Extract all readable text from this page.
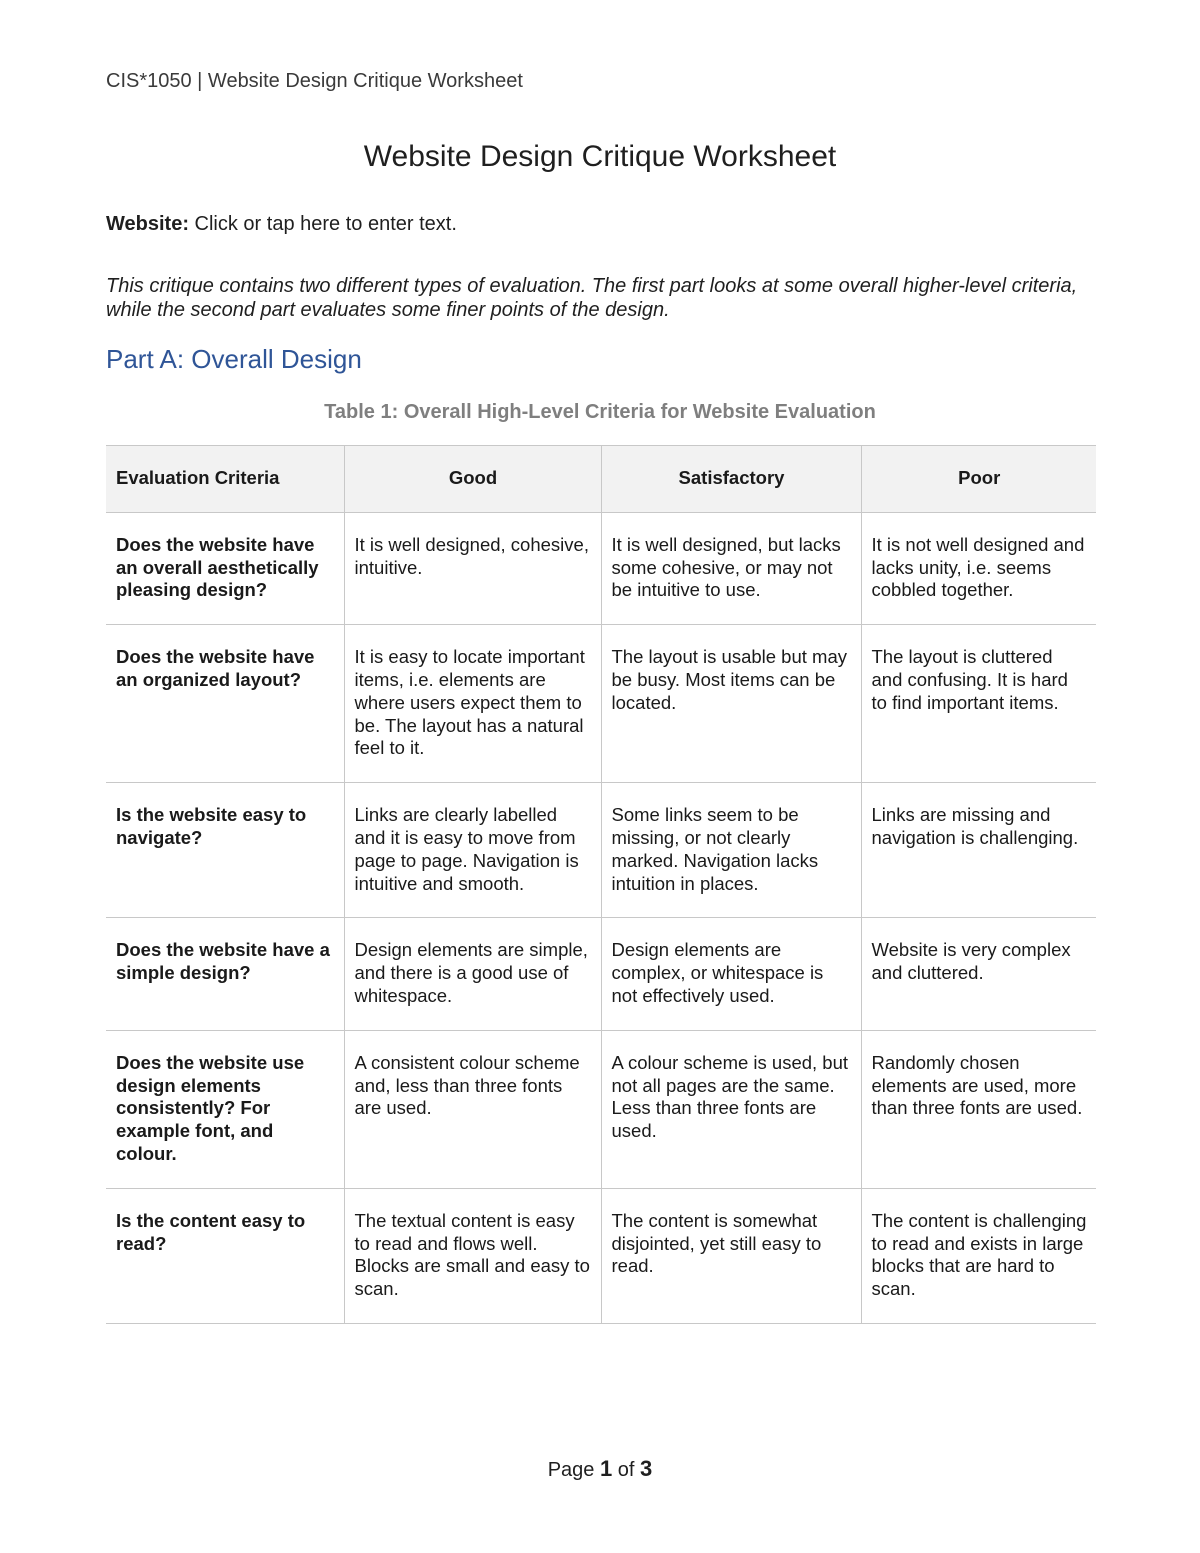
CIS*1050 | Website Design Critique Worksheet
Website Design Critique Worksheet
Website: Click or tap here to enter text.
This critique contains two different types of evaluation. The first part looks at some overall higher-level criteria, while the second part evaluates some finer points of the design.
Part A: Overall Design
Table 1: Overall High-Level Criteria for Website Evaluation
Evaluation Criteria	Good	Satisfactory	Poor
Does the website have an overall aesthetically pleasing design?	It is well designed, cohesive, intuitive.	It is well designed, but lacks some cohesive, or may not be intuitive to use.	It is not well designed and lacks unity, i.e. seems cobbled together.
Does the website have an organized layout?	It is easy to locate important items, i.e. elements are where users expect them to be. The layout has a natural feel to it.	The layout is usable but may be busy. Most items can be located.	The layout is cluttered and confusing. It is hard to find important items.
Is the website easy to navigate?	Links are clearly labelled and it is easy to move from page to page. Navigation is intuitive and smooth.	Some links seem to be missing, or not clearly marked. Navigation lacks intuition in places.	Links are missing and navigation is challenging.
Does the website have a simple design?	Design elements are simple, and there is a good use of whitespace.	Design elements are complex, or whitespace is not effectively used.	Website is very complex and cluttered.
Does the website use design elements consistently? For example font, and colour.	A consistent colour scheme and, less than three fonts are used.	A colour scheme is used, but not all pages are the same. Less than three fonts are used.	Randomly chosen elements are used, more than three fonts are used.
Is the content easy to read?	The textual content is easy to read and flows well. Blocks are small and easy to scan.	The content is somewhat disjointed, yet still easy to read.	The content is challenging to read and exists in large blocks that are hard to scan.
Page 1 of 3
